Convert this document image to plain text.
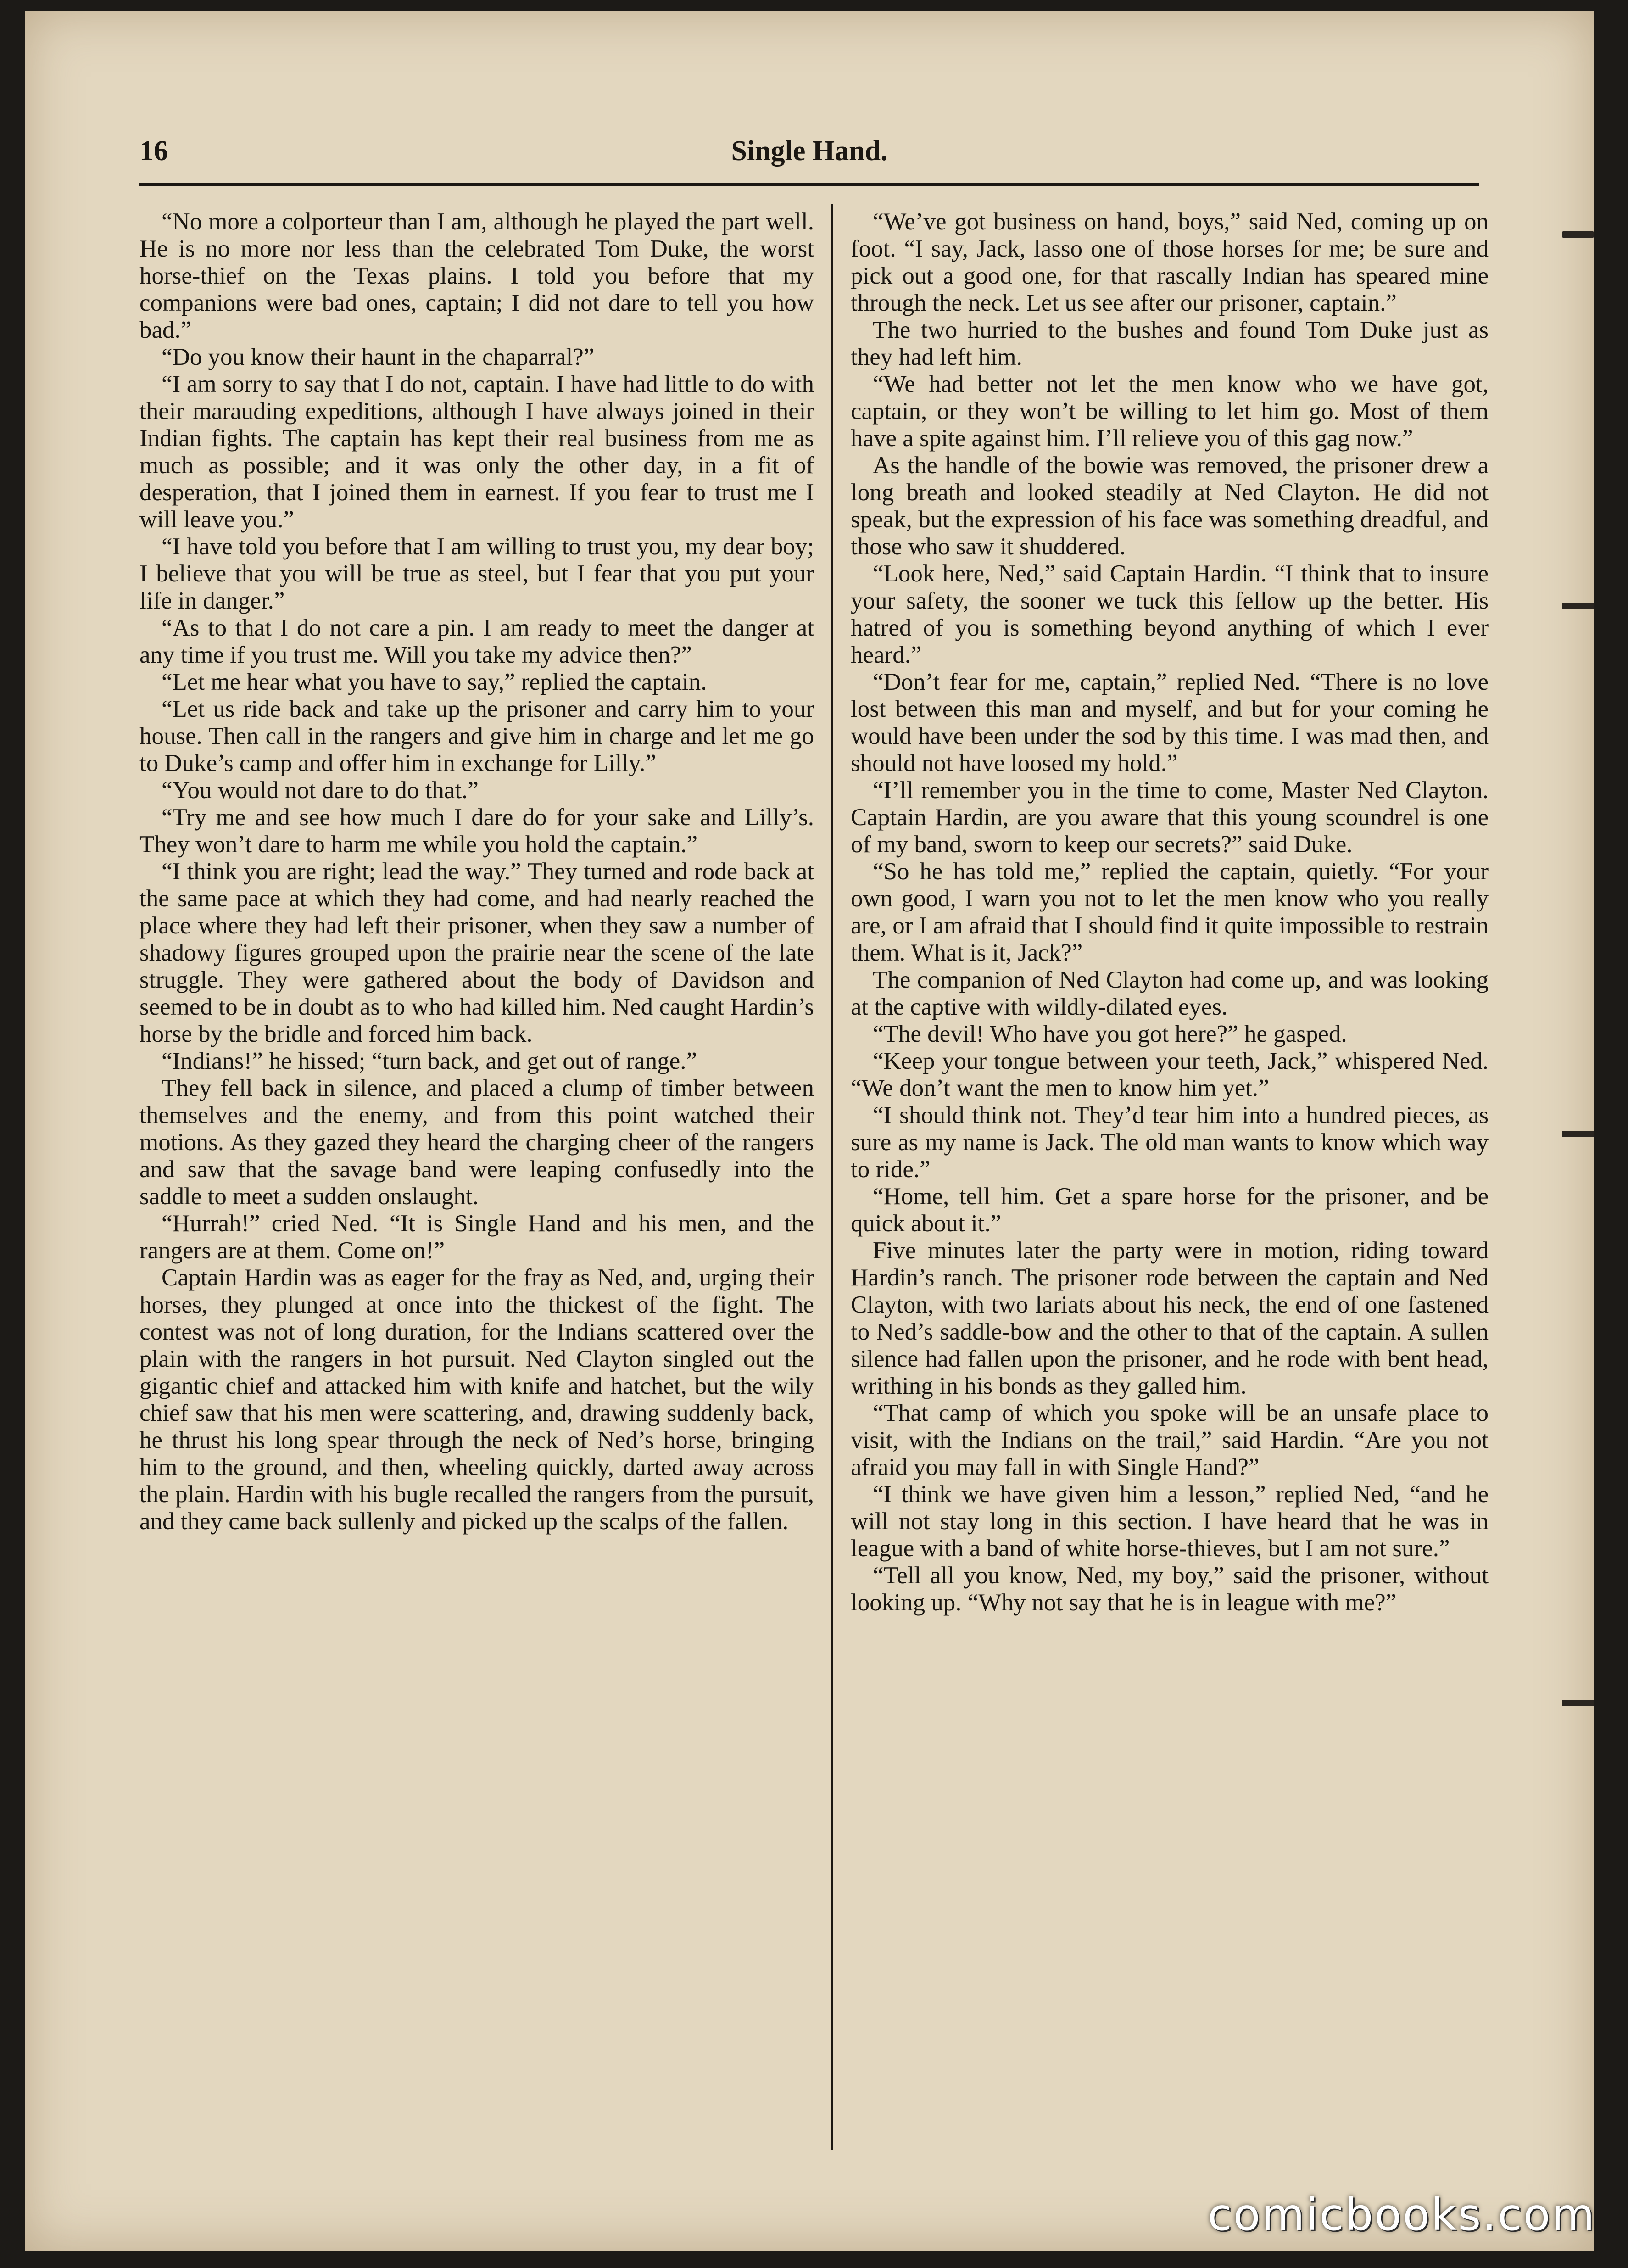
16	Single Hand.

“No more a colporteur than I am, although he played the part well. He is no more nor less than the celebrated Tom Duke, the worst horse-thief on the Texas plains. I told you before that my companions were bad ones, captain; I did not dare to tell you how bad.”

“Do you know their haunt in the chaparral?”

“I am sorry to say that I do not, captain. I have had little to do with their marauding expeditions, although I have always joined in their Indian fights. The captain has kept their real business from me as much as possible; and it was only the other day, in a fit of desperation, that I joined them in earnest. If you fear to trust me I will leave you.”

“I have told you before that I am willing to trust you, my dear boy; I believe that you will be true as steel, but I fear that you put your life in danger.”

“As to that I do not care a pin. I am ready to meet the danger at any time if you trust me. Will you take my advice then?”

“Let me hear what you have to say,” replied the captain.

“Let us ride back and take up the prisoner and carry him to your house. Then call in the rangers and give him in charge and let me go to Duke’s camp and offer him in exchange for Lilly.”

“You would not dare to do that.”

“Try me and see how much I dare do for your sake and Lilly’s. They won’t dare to harm me while you hold the captain.”

“I think you are right; lead the way.” They turned and rode back at the same pace at which they had come, and had nearly reached the place where they had left their prisoner, when they saw a number of shadowy figures grouped upon the prairie near the scene of the late struggle. They were gathered about the body of Davidson and seemed to be in doubt as to who had killed him. Ned caught Hardin’s horse by the bridle and forced him back.

“Indians!” he hissed; “turn back, and get out of range.”

They fell back in silence, and placed a clump of timber between themselves and the enemy, and from this point watched their motions. As they gazed they heard the charging cheer of the rangers and saw that the savage band were leaping confusedly into the saddle to meet a sudden onslaught.

“Hurrah!” cried Ned. “It is Single Hand and his men, and the rangers are at them. Come on!”

Captain Hardin was as eager for the fray as Ned, and, urging their horses, they plunged at once into the thickest of the fight. The contest was not of long duration, for the Indians scattered over the plain with the rangers in hot pursuit. Ned Clayton singled out the gigantic chief and attacked him with knife and hatchet, but the wily chief saw that his men were scattering, and, drawing suddenly back, he thrust his long spear through the neck of Ned’s horse, bringing him to the ground, and then, wheeling quickly, darted away across the plain. Hardin with his bugle recalled the rangers from the pursuit, and they came back sullenly and picked up the scalps of the fallen.

“We’ve got business on hand, boys,” said Ned, coming up on foot. “I say, Jack, lasso one of those horses for me; be sure and pick out a good one, for that rascally Indian has speared mine through the neck. Let us see after our prisoner, captain.”

The two hurried to the bushes and found Tom Duke just as they had left him.

“We had better not let the men know who we have got, captain, or they won’t be willing to let him go. Most of them have a spite against him. I’ll relieve you of this gag now.”

As the handle of the bowie was removed, the prisoner drew a long breath and looked steadily at Ned Clayton. He did not speak, but the expression of his face was something dreadful, and those who saw it shuddered.

“Look here, Ned,” said Captain Hardin. “I think that to insure your safety, the sooner we tuck this fellow up the better. His hatred of you is something beyond anything of which I ever heard.”

“Don’t fear for me, captain,” replied Ned. “There is no love lost between this man and myself, and but for your coming he would have been under the sod by this time. I was mad then, and should not have loosed my hold.”

“I’ll remember you in the time to come, Master Ned Clayton. Captain Hardin, are you aware that this young scoundrel is one of my band, sworn to keep our secrets?” said Duke.

“So he has told me,” replied the captain, quietly. “For your own good, I warn you not to let the men know who you really are, or I am afraid that I should find it quite impossible to restrain them. What is it, Jack?”

The companion of Ned Clayton had come up, and was looking at the captive with wildly-dilated eyes.

“The devil! Who have you got here?” he gasped.

“Keep your tongue between your teeth, Jack,” whispered Ned. “We don’t want the men to know him yet.”

“I should think not. They’d tear him into a hundred pieces, as sure as my name is Jack. The old man wants to know which way to ride.”

“Home, tell him. Get a spare horse for the prisoner, and be quick about it.”

Five minutes later the party were in motion, riding toward Hardin’s ranch. The prisoner rode between the captain and Ned Clayton, with two lariats about his neck, the end of one fastened to Ned’s saddle-bow and the other to that of the captain. A sullen silence had fallen upon the prisoner, and he rode with bent head, writhing in his bonds as they galled him.

“That camp of which you spoke will be an unsafe place to visit, with the Indians on the trail,” said Hardin. “Are you not afraid you may fall in with Single Hand?”

“I think we have given him a lesson,” replied Ned, “and he will not stay long in this section. I have heard that he was in league with a band of white horse-thieves, but I am not sure.”

“Tell all you know, Ned, my boy,” said the prisoner, without looking up. “Why not say that he is in league with me?”

comicbooks.com
